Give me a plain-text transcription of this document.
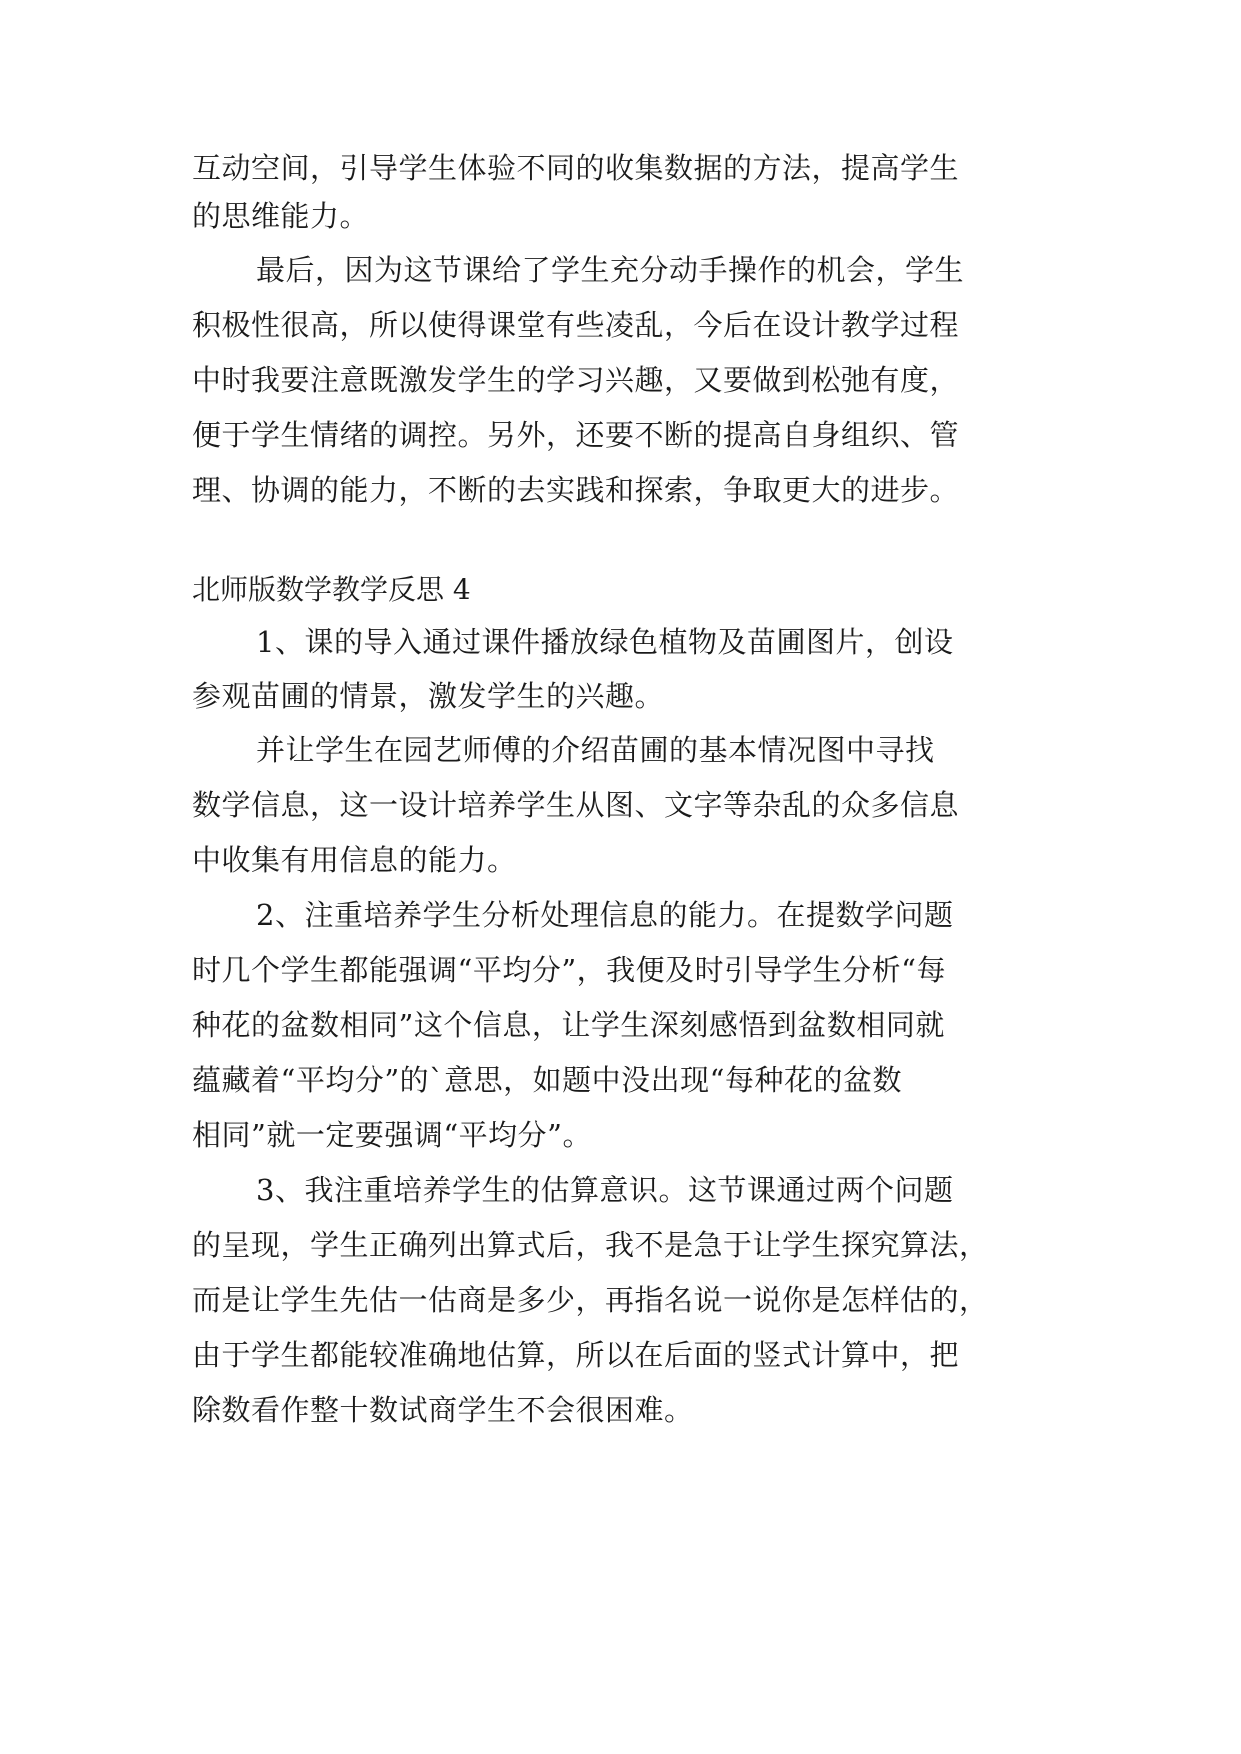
互动空间，引导学生体验不同的收集数据的方法，提高学生
的思维能力。
最后，因为这节课给了学生充分动手操作的机会，学生
积极性很高，所以使得课堂有些凌乱，今后在设计教学过程
中时我要注意既激发学生的学习兴趣，又要做到松弛有度，
便于学生情绪的调控。另外，还要不断的提高自身组织、管
理、协调的能力，不断的去实践和探索，争取更大的进步。
北师版数学教学反思 4
1、课的导入通过课件播放绿色植物及苗圃图片，创设
参观苗圃的情景，激发学生的兴趣。
并让学生在园艺师傅的介绍苗圃的基本情况图中寻找
数学信息，这一设计培养学生从图、文字等杂乱的众多信息
中收集有用信息的能力。
2、注重培养学生分析处理信息的能力。在提数学问题
时几个学生都能强调“平均分”，我便及时引导学生分析“每
种花的盆数相同”这个信息，让学生深刻感悟到盆数相同就
蕴藏着“平均分”的`意思，如题中没出现“每种花的盆数
相同”就一定要强调“平均分”。
3、我注重培养学生的估算意识。这节课通过两个问题
的呈现，学生正确列出算式后，我不是急于让学生探究算法，
而是让学生先估一估商是多少，再指名说一说你是怎样估的，
由于学生都能较准确地估算，所以在后面的竖式计算中，把
除数看作整十数试商学生不会很困难。
